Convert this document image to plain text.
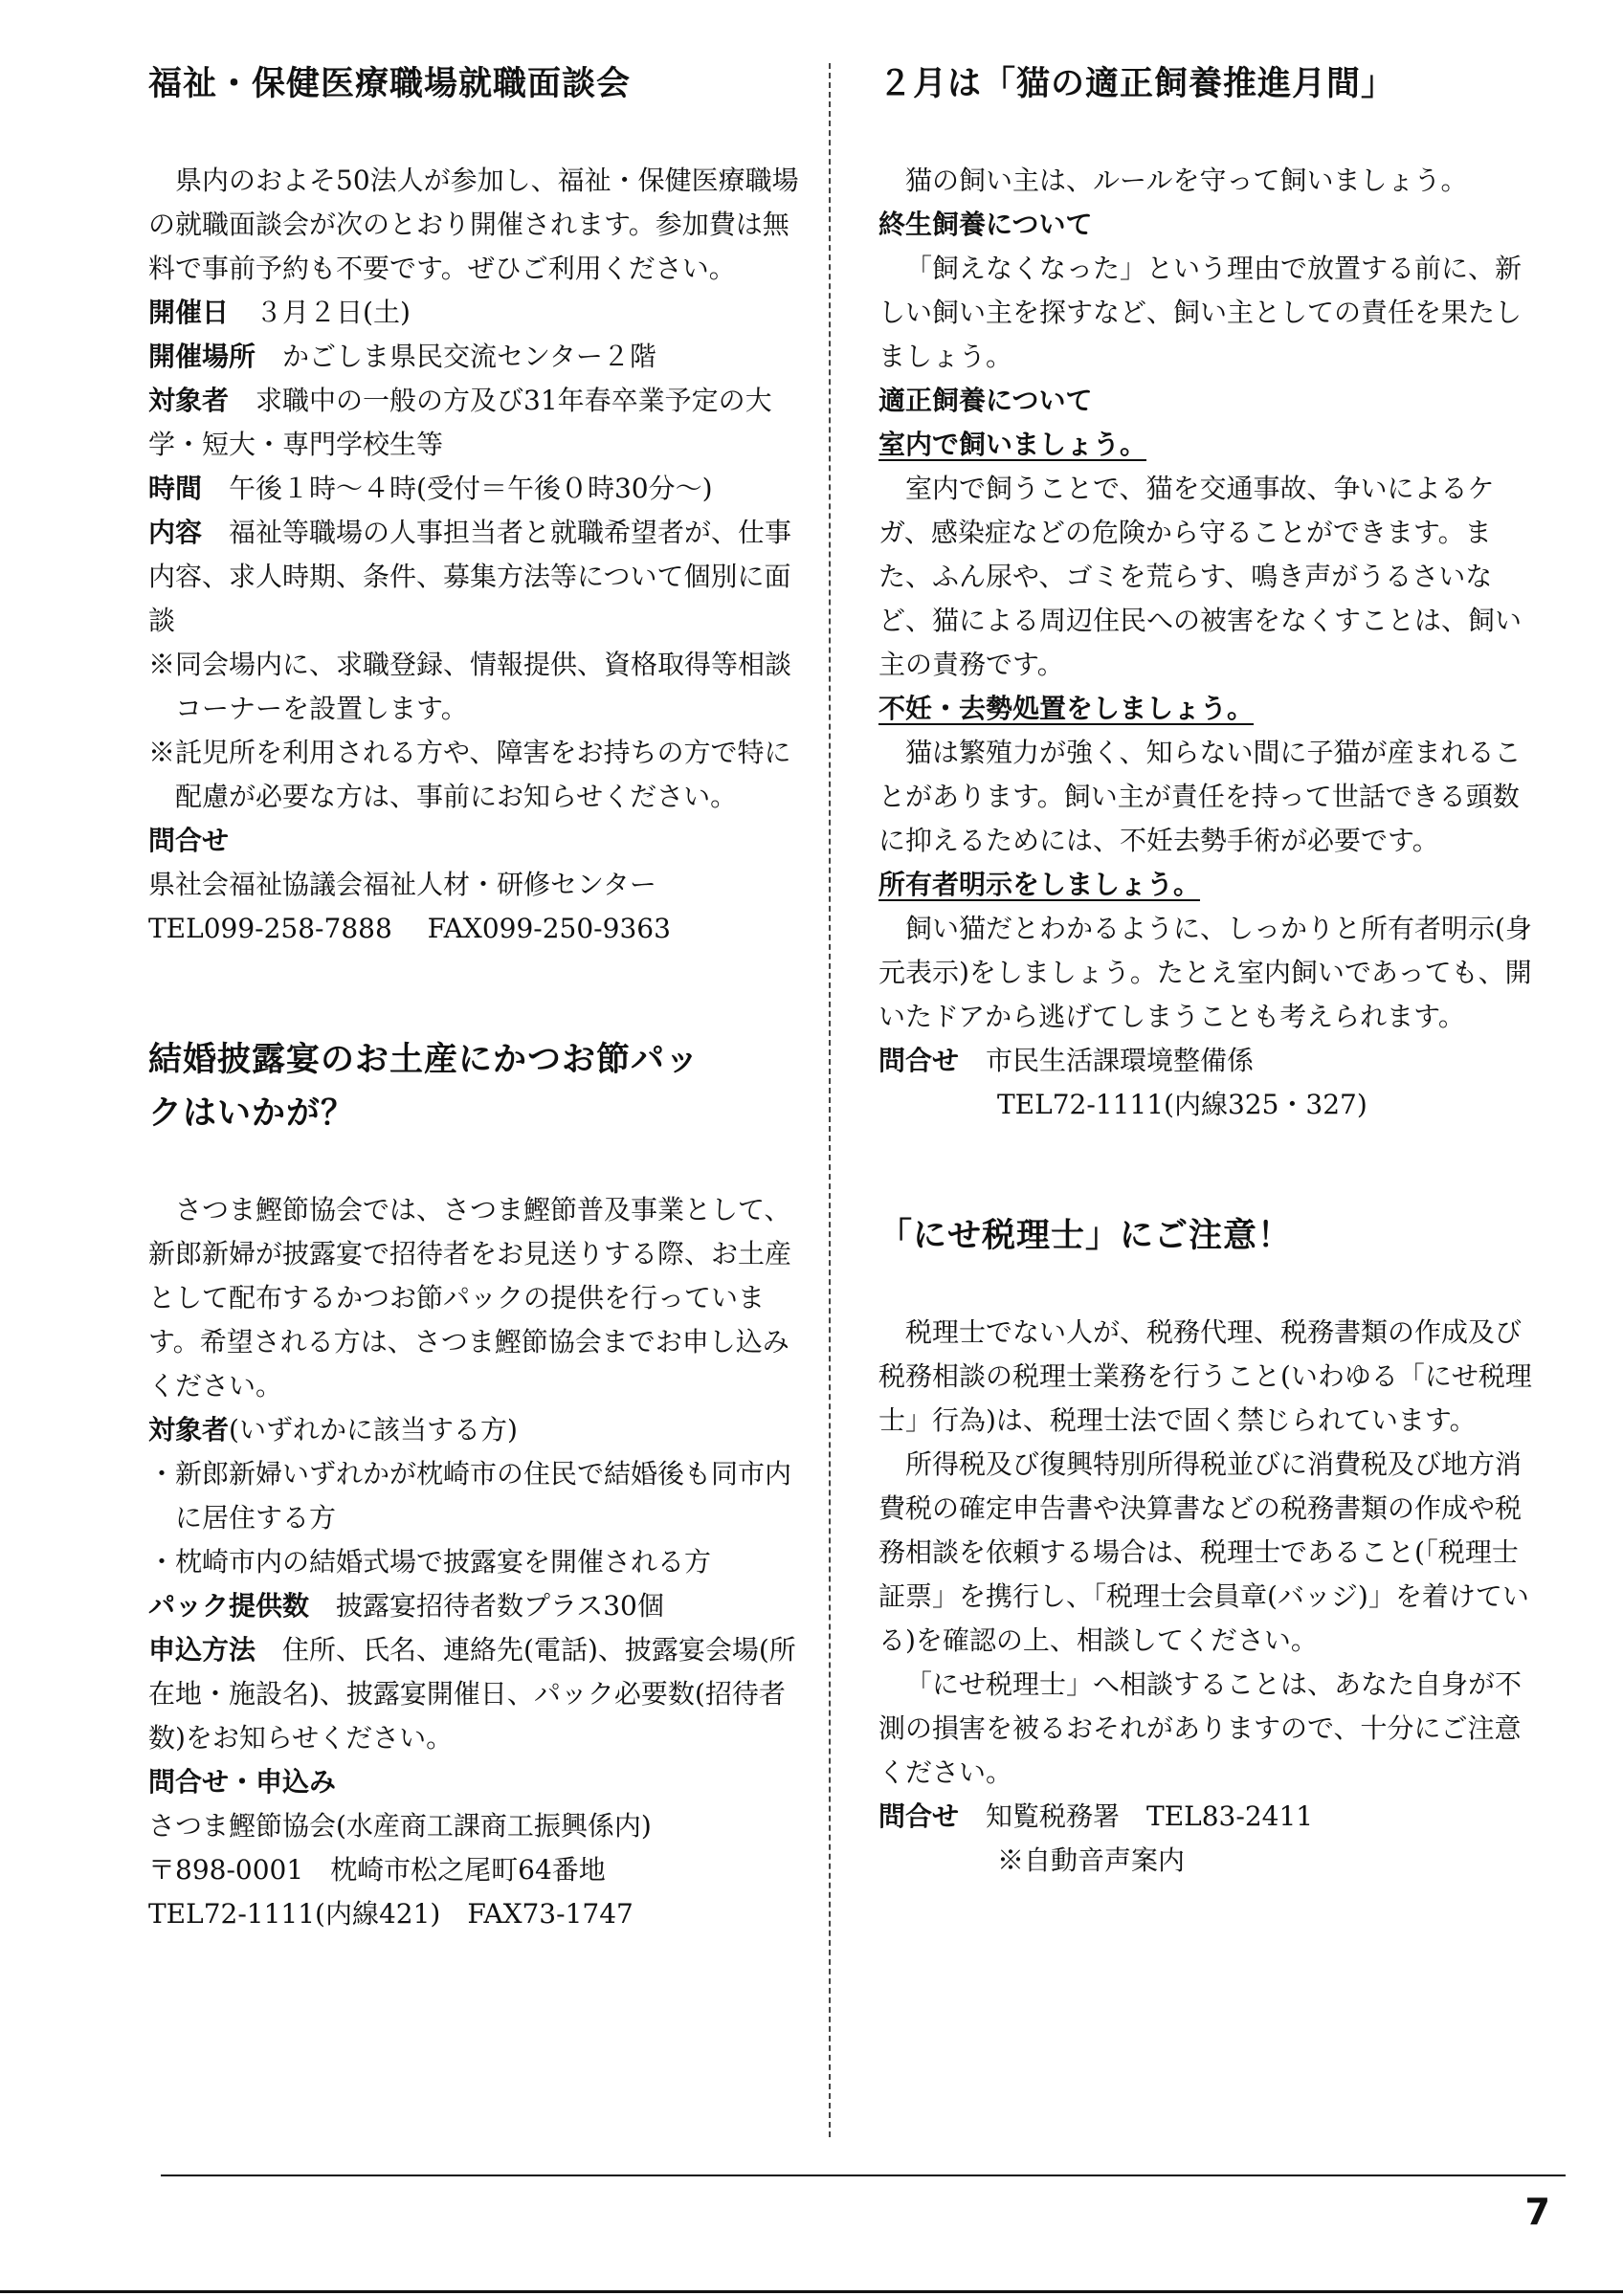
福祉・保健医療職場就職面談会

県内のおよそ50法人が参加し、福祉・保健医療職場の就職面談会が次のとおり開催されます。参加費は無料で事前予約も不要です。ぜひご利用ください。

開催日　 ３月２日(土)

開催場所　 かごしま県民交流センター２階

対象者　 求職中の一般の方及び31年春卒業予定の大学・短大・専門学校生等

時間　 午後１時～４時(受付＝午後０時30分～)

内容　 福祉等職場の人事担当者と就職希望者が、仕事内容、求人時期、条件、募集方法等について個別に面談

※同会場内に、求職登録、情報提供、資格取得等相談コーナーを設置します。

※託児所を利用される方や、障害をお持ちの方で特に配慮が必要な方は、事前にお知らせください。

問合せ

県社会福祉協議会福祉人材・研修センター

TEL099-258-7888　 FAX099-250-9363

結婚披露宴のお土産にかつお節パッ
クはいかが？

さつま鰹節協会では、さつま鰹節普及事業として、新郎新婦が披露宴で招待者をお見送りする際、お土産として配布するかつお節パックの提供を行っています。希望される方は、さつま鰹節協会までお申し込みください。

対象者(いずれかに該当する方)

・新郎新婦いずれかが枕崎市の住民で結婚後も同市内に居住する方

・枕崎市内の結婚式場で披露宴を開催される方

パック提供数　 披露宴招待者数プラス30個

申込方法　 住所、氏名、連絡先(電話)、披露宴会場(所在地・施設名)、披露宴開催日、パック必要数(招待者数)をお知らせください。

問合せ・申込み

さつま鰹節協会(水産商工課商工振興係内)

〒898-0001　枕崎市松之尾町64番地

TEL72-1111(内線421)　FAX73-1747

２月は「猫の適正飼養推進月間」

猫の飼い主は、ルールを守って飼いましょう。

終生飼養について

「飼えなくなった」という理由で放置する前に、新しい飼い主を探すなど、飼い主としての責任を果たしましょう。

適正飼養について

室内で飼いましょう。

室内で飼うことで、猫を交通事故、争いによるケガ、感染症などの危険から守ることができます。また、ふん尿や、ゴミを荒らす、鳴き声がうるさいなど、猫による周辺住民への被害をなくすことは、飼い主の責務です。

不妊・去勢処置をしましょう。

猫は繁殖力が強く、知らない間に子猫が産まれることがあります。飼い主が責任を持って世話できる頭数に抑えるためには、不妊去勢手術が必要です。

所有者明示をしましょう。

飼い猫だとわかるように、しっかりと所有者明示(身元表示)をしましょう。たとえ室内飼いであっても、開いたドアから逃げてしまうことも考えられます。

問合せ　 市民生活課環境整備係

TEL72-1111(内線325・327)

「にせ税理士」にご注意！

税理士でない人が、税務代理、税務書類の作成及び税務相談の税理士業務を行うこと(いわゆる「にせ税理士」行為)は、税理士法で固く禁じられています。

所得税及び復興特別所得税並びに消費税及び地方消費税の確定申告書や決算書などの税務書類の作成や税務相談を依頼する場合は、税理士であること(「税理士証票」を携行し、「税理士会員章(バッジ)」を着けている)を確認の上、相談してください。

「にせ税理士」へ相談することは、あなた自身が不測の損害を被るおそれがありますので、十分にご注意ください。

問合せ　 知覧税務署　TEL83-2411

※自動音声案内

7
